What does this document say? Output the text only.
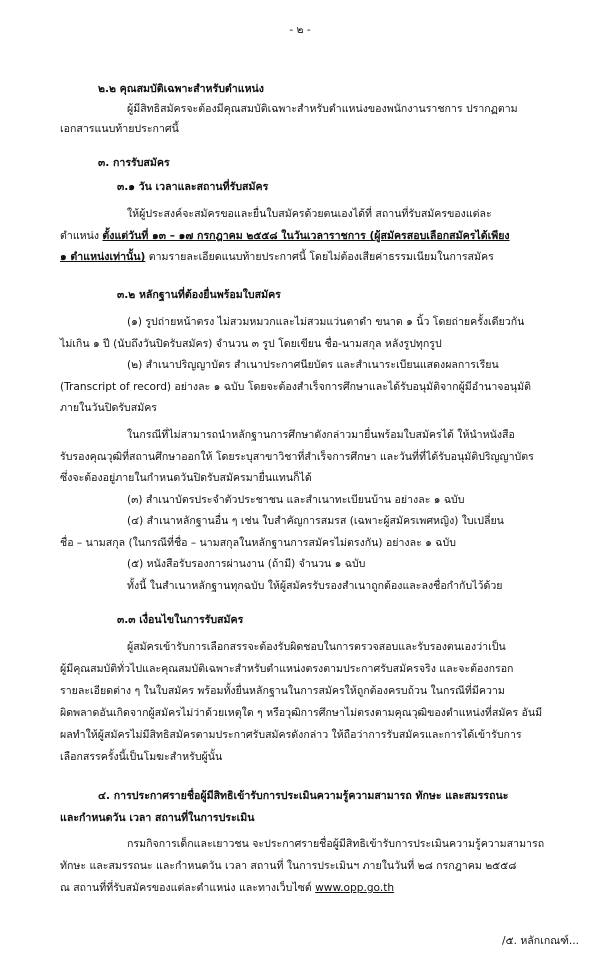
- ๒ -
๒.๒ คุณสมบัติเฉพาะสำหรับตำแหน่ง
ผู้มีสิทธิสมัครจะต้องมีคุณสมบัติเฉพาะสำหรับตำแหน่งของพนักงานราชการ ปรากฏตาม
เอกสารแนบท้ายประกาศนี้
๓. การรับสมัคร
๓.๑ วัน เวลาและสถานที่รับสมัคร
ให้ผู้ประสงค์จะสมัครขอและยื่นใบสมัครด้วยตนเองได้ที่ สถานที่รับสมัครของแต่ละ
ตำแหน่ง ตั้งแต่วันที่ ๑๓ – ๑๗ กรกฎาคม ๒๕๕๘ ในวันเวลาราชการ (ผู้สมัครสอบเลือกสมัครได้เพียง
๑ ตำแหน่งเท่านั้น) ตามรายละเอียดแนบท้ายประกาศนี้ โดยไม่ต้องเสียค่าธรรมเนียมในการสมัคร
๓.๒ หลักฐานที่ต้องยื่นพร้อมใบสมัคร
(๑) รูปถ่ายหน้าตรง ไม่สวมหมวกและไม่สวมแว่นตาดำ ขนาด ๑ นิ้ว โดยถ่ายครั้งเดียวกัน
ไม่เกิน ๑ ปี (นับถึงวันปิดรับสมัคร) จำนวน ๓ รูป โดยเขียน ชื่อ-นามสกุล หลังรูปทุกรูป
(๒) สำเนาปริญญาบัตร สำเนาประกาศนียบัตร และสำเนาระเบียนแสดงผลการเรียน
(Transcript of record) อย่างละ ๑ ฉบับ โดยจะต้องสำเร็จการศึกษาและได้รับอนุมัติจากผู้มีอำนาจอนุมัติ
ภายในวันปิดรับสมัคร
ในกรณีที่ไม่สามารถนำหลักฐานการศึกษาดังกล่าวมายื่นพร้อมใบสมัครได้ ให้นำหนังสือ
รับรองคุณวุฒิที่สถานศึกษาออกให้ โดยระบุสาขาวิชาที่สำเร็จการศึกษา และวันที่ที่ได้รับอนุมัติปริญญาบัตร
ซึ่งจะต้องอยู่ภายในกำหนดวันปิดรับสมัครมายื่นแทนก็ได้
(๓) สำเนาบัตรประจำตัวประชาชน และสำเนาทะเบียนบ้าน อย่างละ ๑ ฉบับ
(๔) สำเนาหลักฐานอื่น ๆ เช่น ใบสำคัญการสมรส (เฉพาะผู้สมัครเพศหญิง) ใบเปลี่ยน
ชื่อ – นามสกุล (ในกรณีที่ชื่อ – นามสกุลในหลักฐานการสมัครไม่ตรงกัน) อย่างละ ๑ ฉบับ
(๕) หนังสือรับรองการผ่านงาน (ถ้ามี) จำนวน ๑ ฉบับ
ทั้งนี้ ในสำเนาหลักฐานทุกฉบับ ให้ผู้สมัครรับรองสำเนาถูกต้องและลงชื่อกำกับไว้ด้วย
๓.๓ เงื่อนไขในการรับสมัคร
ผู้สมัครเข้ารับการเลือกสรรจะต้องรับผิดชอบในการตรวจสอบและรับรองตนเองว่าเป็น
ผู้มีคุณสมบัติทั่วไปและคุณสมบัติเฉพาะสำหรับตำแหน่งตรงตามประกาศรับสมัครจริง และจะต้องกรอก
รายละเอียดต่าง ๆ ในใบสมัคร พร้อมทั้งยื่นหลักฐานในการสมัครให้ถูกต้องครบถ้วน ในกรณีที่มีความ
ผิดพลาดอันเกิดจากผู้สมัครไม่ว่าด้วยเหตุใด ๆ หรือวุฒิการศึกษาไม่ตรงตามคุณวุฒิของตำแหน่งที่สมัคร อันมี
ผลทำให้ผู้สมัครไม่มีสิทธิสมัครตามประกาศรับสมัครดังกล่าว ให้ถือว่าการรับสมัครและการได้เข้ารับการ
เลือกสรรครั้งนี้เป็นโมฆะสำหรับผู้นั้น
๔. การประกาศรายชื่อผู้มีสิทธิเข้ารับการประเมินความรู้ความสามารถ ทักษะ และสมรรถนะ
และกำหนดวัน เวลา สถานที่ในการประเมิน
กรมกิจการเด็กและเยาวชน จะประกาศรายชื่อผู้มีสิทธิเข้ารับการประเมินความรู้ความสามารถ
ทักษะ และสมรรถนะ และกำหนดวัน เวลา สถานที่ ในการประเมินฯ ภายในวันที่ ๒๘ กรกฎาคม ๒๕๕๘
ณ สถานที่ที่รับสมัครของแต่ละตำแหน่ง และทางเว็บไซต์ www.opp.go.th
/๕. หลักเกณฑ์...
